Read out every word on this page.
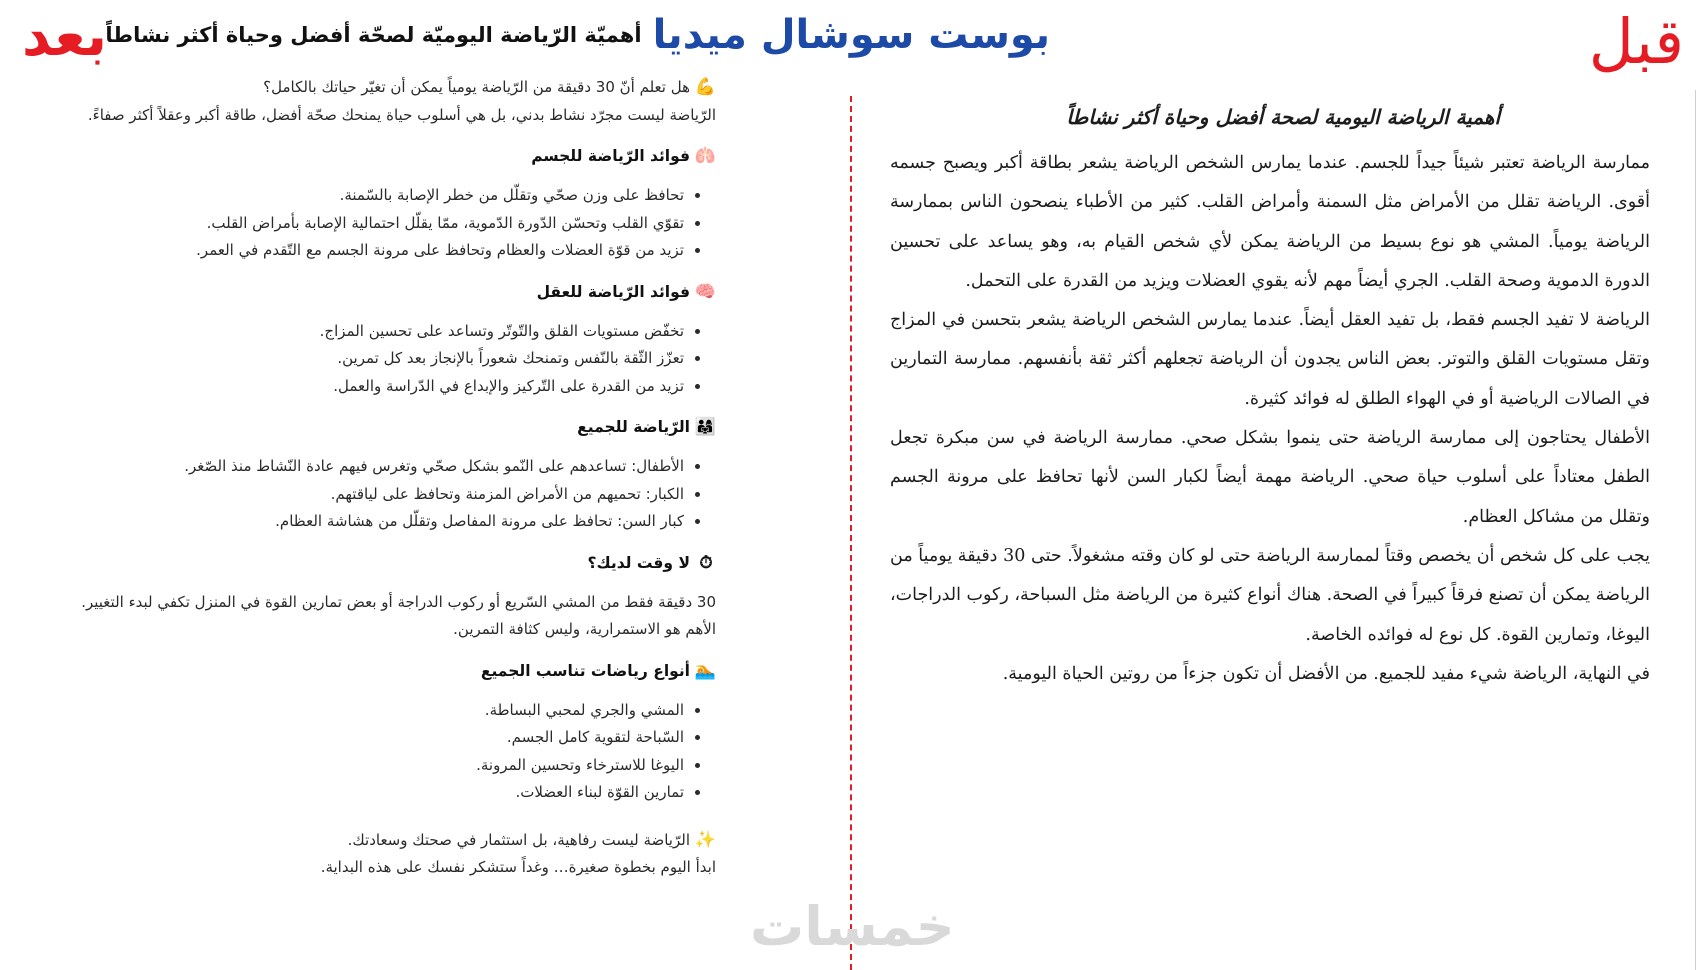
بعد	قبل
بوست سوشال ميديا أهميّة الرّياضة اليوميّة لصحّة أفضل وحياة أكثر نشاطاً
أهمية الرياضة اليومية لصحة أفضل وحياة أكثر نشاطاً

ممارسة الرياضة تعتبر شيئاً جيداً للجسم. عندما يمارس الشخص الرياضة يشعر بطاقة أكبر ويصبح جسمه أقوى. الرياضة تقلل من الأمراض مثل السمنة وأمراض القلب. كثير من الأطباء ينصحون الناس بممارسة الرياضة يومياً. المشي هو نوع بسيط من الرياضة يمكن لأي شخص القيام به، وهو يساعد على تحسين الدورة الدموية وصحة القلب. الجري أيضاً مهم لأنه يقوي العضلات ويزيد من القدرة على التحمل.

الرياضة لا تفيد الجسم فقط، بل تفيد العقل أيضاً. عندما يمارس الشخص الرياضة يشعر بتحسن في المزاج وتقل مستويات القلق والتوتر. بعض الناس يجدون أن الرياضة تجعلهم أكثر ثقة بأنفسهم. ممارسة التمارين في الصالات الرياضية أو في الهواء الطلق له فوائد كثيرة.

الأطفال يحتاجون إلى ممارسة الرياضة حتى ينموا بشكل صحي. ممارسة الرياضة في سن مبكرة تجعل الطفل معتاداً على أسلوب حياة صحي. الرياضة مهمة أيضاً لكبار السن لأنها تحافظ على مرونة الجسم وتقلل من مشاكل العظام.

يجب على كل شخص أن يخصص وقتاً لممارسة الرياضة حتى لو كان وقته مشغولاً. حتى 30 دقيقة يومياً من الرياضة يمكن أن تصنع فرقاً كبيراً في الصحة. هناك أنواع كثيرة من الرياضة مثل السباحة، ركوب الدراجات، اليوغا، وتمارين القوة. كل نوع له فوائده الخاصة.

في النهاية، الرياضة شيء مفيد للجميع. من الأفضل أن تكون جزءاً من روتين الحياة اليومية.

💪هل تعلم أنّ 30 دقيقة من الرّياضة يومياً يمكن أن تغيّر حياتك بالكامل؟

الرّياضة ليست مجرّد نشاط بدني، بل هي أسلوب حياة يمنحك صحّة أفضل، طاقة أكبر وعقلاً أكثر صفاءً.

🫁فوائد الرّياضة للجسم
• تحافظ على وزن صحّي وتقلّل من خطر الإصابة بالسّمنة.
• تقوّي القلب وتحسّن الدّورة الدّموية، ممّا يقلّل احتمالية الإصابة بأمراض القلب.
• تزيد من قوّة العضلات والعظام وتحافظ على مرونة الجسم مع التّقدم في العمر.
🧠فوائد الرّياضة للعقل
• تخفّض مستويات القلق والتّوتّر وتساعد على تحسين المزاج.
• تعزّز الثّقة بالنّفس وتمنحك شعوراً بالإنجاز بعد كل تمرين.
• تزيد من القدرة على التّركيز والإبداع في الدّراسة والعمل.
👨‍👩‍👧الرّياضة للجميع
• الأطفال: تساعدهم على النّمو بشكل صحّي وتغرس فيهم عادة النّشاط منذ الصّغر.
• الكبار: تحميهم من الأمراض المزمنة وتحافظ على لياقتهم.
• كبار السن: تحافظ على مرونة المفاصل وتقلّل من هشاشة العظام.
⏱لا وقت لديك؟

30 دقيقة فقط من المشي السّريع أو ركوب الدراجة أو بعض تمارين القوة في المنزل تكفي لبدء التغيير.

الأهم هو الاستمرارية، وليس كثافة التمرين.

🏊أنواع رياضات تناسب الجميع
• المشي والجري لمحبي البساطة.
• السّباحة لتقوية كامل الجسم.
• اليوغا للاسترخاء وتحسين المرونة.
• تمارين القوّة لبناء العضلات.

✨الرّياضة ليست رفاهية، بل استثمار في صحتك وسعادتك.

ابدأ اليوم بخطوة صغيرة… وغداً ستشكر نفسك على هذه البداية.

خمسات
